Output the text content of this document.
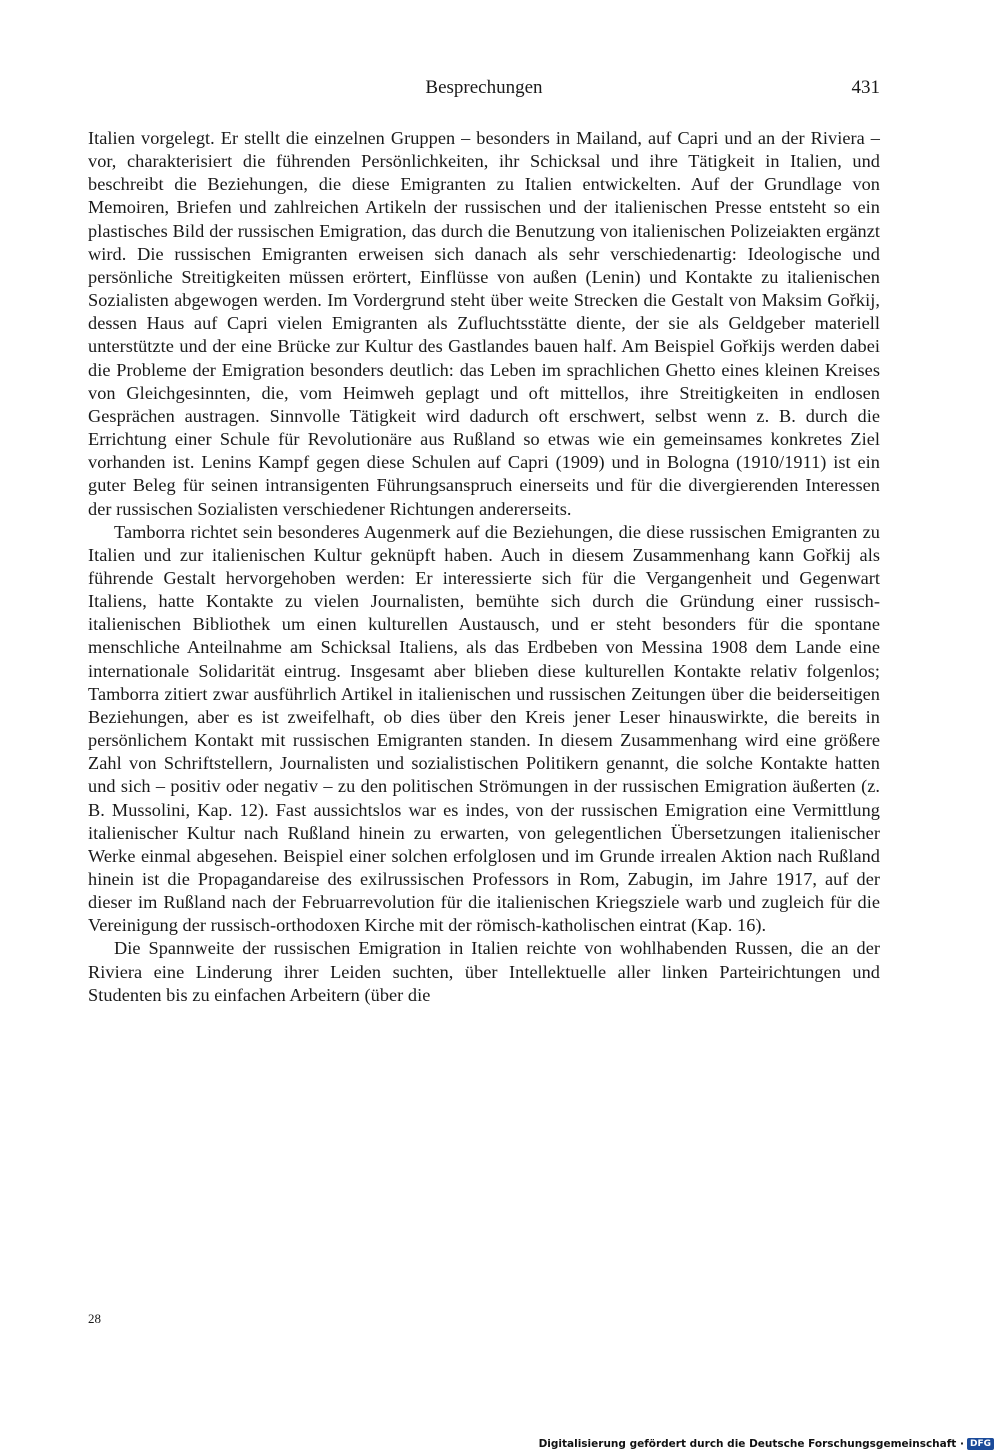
Besprechungen	431

Italien vorgelegt. Er stellt die einzelnen Gruppen – besonders in Mailand, auf Capri und an der Riviera – vor, charakterisiert die führenden Persönlichkeiten, ihr Schicksal und ihre Tätigkeit in Italien, und beschreibt die Beziehungen, die diese Emigranten zu Italien entwickelten. Auf der Grundlage von Memoiren, Briefen und zahlreichen Artikeln der russischen und der italienischen Presse entsteht so ein plastisches Bild der russischen Emigration, das durch die Benutzung von italienischen Polizeiakten ergänzt wird. Die russischen Emigranten erweisen sich danach als sehr verschiedenartig: Ideologische und persönliche Streitigkeiten müssen erörtert, Einflüsse von außen (Lenin) und Kontakte zu italienischen Sozialisten abgewogen werden. Im Vordergrund steht über weite Strecken die Gestalt von Maksim Gořkij, dessen Haus auf Capri vielen Emigranten als Zufluchtsstätte diente, der sie als Geldgeber materiell unterstützte und der eine Brücke zur Kultur des Gastlandes bauen half. Am Beispiel Gořkijs werden dabei die Probleme der Emigration besonders deutlich: das Leben im sprachlichen Ghetto eines kleinen Kreises von Gleichgesinnten, die, vom Heimweh geplagt und oft mittellos, ihre Streitigkeiten in endlosen Gesprächen austragen. Sinnvolle Tätigkeit wird dadurch oft erschwert, selbst wenn z. B. durch die Errichtung einer Schule für Revolutionäre aus Rußland so etwas wie ein gemeinsames konkretes Ziel vorhanden ist. Lenins Kampf gegen diese Schulen auf Capri (1909) und in Bologna (1910/1911) ist ein guter Beleg für seinen intransigenten Führungsanspruch einerseits und für die divergierenden Interessen der russischen Sozialisten verschiedener Richtungen andererseits.

Tamborra richtet sein besonderes Augenmerk auf die Beziehungen, die diese russischen Emigranten zu Italien und zur italienischen Kultur geknüpft haben. Auch in diesem Zusammenhang kann Gořkij als führende Gestalt hervorgehoben werden: Er interessierte sich für die Vergangenheit und Gegenwart Italiens, hatte Kontakte zu vielen Journalisten, bemühte sich durch die Gründung einer russisch-italienischen Bibliothek um einen kulturellen Austausch, und er steht besonders für die spontane menschliche Anteilnahme am Schicksal Italiens, als das Erdbeben von Messina 1908 dem Lande eine internationale Solidarität eintrug. Insgesamt aber blieben diese kulturellen Kontakte relativ folgenlos; Tamborra zitiert zwar ausführlich Artikel in italienischen und russischen Zeitungen über die beiderseitigen Beziehungen, aber es ist zweifelhaft, ob dies über den Kreis jener Leser hinauswirkte, die bereits in persönlichem Kontakt mit russischen Emigranten standen. In diesem Zusammenhang wird eine größere Zahl von Schriftstellern, Journalisten und sozialistischen Politikern genannt, die solche Kontakte hatten und sich – positiv oder negativ – zu den politischen Strömungen in der russischen Emigration äußerten (z. B. Mussolini, Kap. 12). Fast aussichtslos war es indes, von der russischen Emigration eine Vermittlung italienischer Kultur nach Rußland hinein zu erwarten, von gelegentlichen Übersetzungen italienischer Werke einmal abgesehen. Beispiel einer solchen erfolglosen und im Grunde irrealen Aktion nach Rußland hinein ist die Propagandareise des exilrussischen Professors in Rom, Zabugin, im Jahre 1917, auf der dieser im Rußland nach der Februarrevolution für die italienischen Kriegsziele warb und zugleich für die Vereinigung der russisch-orthodoxen Kirche mit der römisch-katholischen eintrat (Kap. 16).

Die Spannweite der russischen Emigration in Italien reichte von wohlhabenden Russen, die an der Riviera eine Linderung ihrer Leiden suchten, über Intellektuelle aller linken Parteirichtungen und Studenten bis zu einfachen Arbeitern (über die

28
Digitalisierung gefördert durch die Deutsche Forschungsgemeinschaft · DFG
